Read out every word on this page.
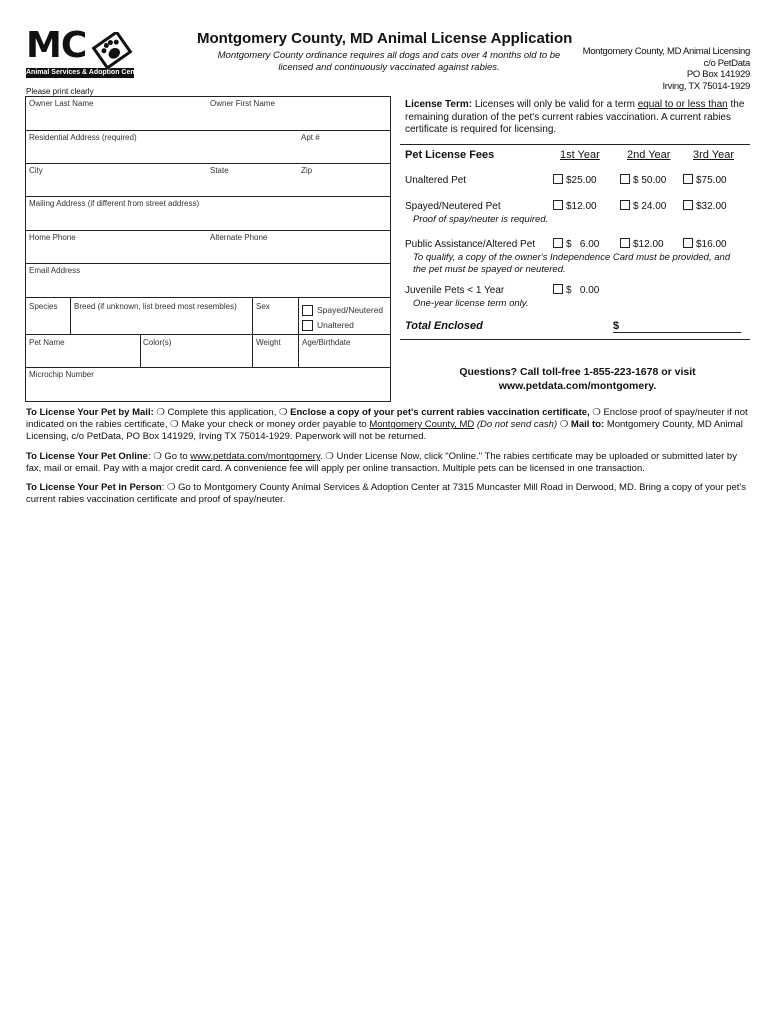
MC
Animal Services & Adoption Center
Montgomery County, MD Animal License Application
Montgomery County ordinance requires all dogs and cats over 4 months old to be licensed and continuously vaccinated against rabies.
Montgomery County, MD Animal Licensing
c/o PetData
PO Box 141929
Irving, TX 75014-1929
Please print clearly
Owner Last Name	Owner First Name
Residential Address (required)	Apt #
City	State	Zip
Mailing Address (if different from street address)
Home Phone	Alternate Phone
Email Address
Species Breed (if unknown, list breed most resembles) Sex	Spayed/Neutered
Unaltered
Pet Name	Color(s)	Weight	Age/Birthdate
Microchip Number
License Term: Licenses will only be valid for a term equal to or less than the remaining duration of the pet's current rabies vaccination. A current rabies certificate is required for licensing.
Pet License Fees	1st Year 2nd Year 3rd Year
Unaltered Pet	$25.00	$ 50.00	$75.00
Spayed/Neutered Pet	$12.00	$ 24.00	$32.00
Proof of spay/neuter is required.
Public Assistance/Altered Pet	$   6.00	$12.00	$16.00
To qualify, a copy of the owner's Independence Card must be provided, and the pet must be spayed or neutered.
Juvenile Pets < 1 Year	$   0.00
One-year license term only.
Total Enclosed	$
Questions? Call toll-free 1-855-223-1678 or visit
www.petdata.com/montgomery.
To License Your Pet by Mail: ❍ Complete this application, ❍ Enclose a copy of your pet's current rabies vaccination certificate, ❍ Enclose proof of spay/neuter if not indicated on the rabies certificate, ❍ Make your check or money order payable to Montgomery County, MD (Do not send cash) ❍ Mail to: Montgomery County, MD Animal Licensing, c/o PetData, PO Box 141929, Irving TX 75014-1929. Paperwork will not be returned.
To License Your Pet Online: ❍ Go to www.petdata.com/montgomery. ❍ Under License Now, click "Online." The rabies certificate may be uploaded or submitted later by fax, mail or email. Pay with a major credit card. A convenience fee will apply per online transaction. Multiple pets can be licensed in one transaction.
To License Your Pet in Person: ❍ Go to Montgomery County Animal Services & Adoption Center at 7315 Muncaster Mill Road in Derwood, MD. Bring a copy of your pet's current rabies vaccination certificate and proof of spay/neuter.
